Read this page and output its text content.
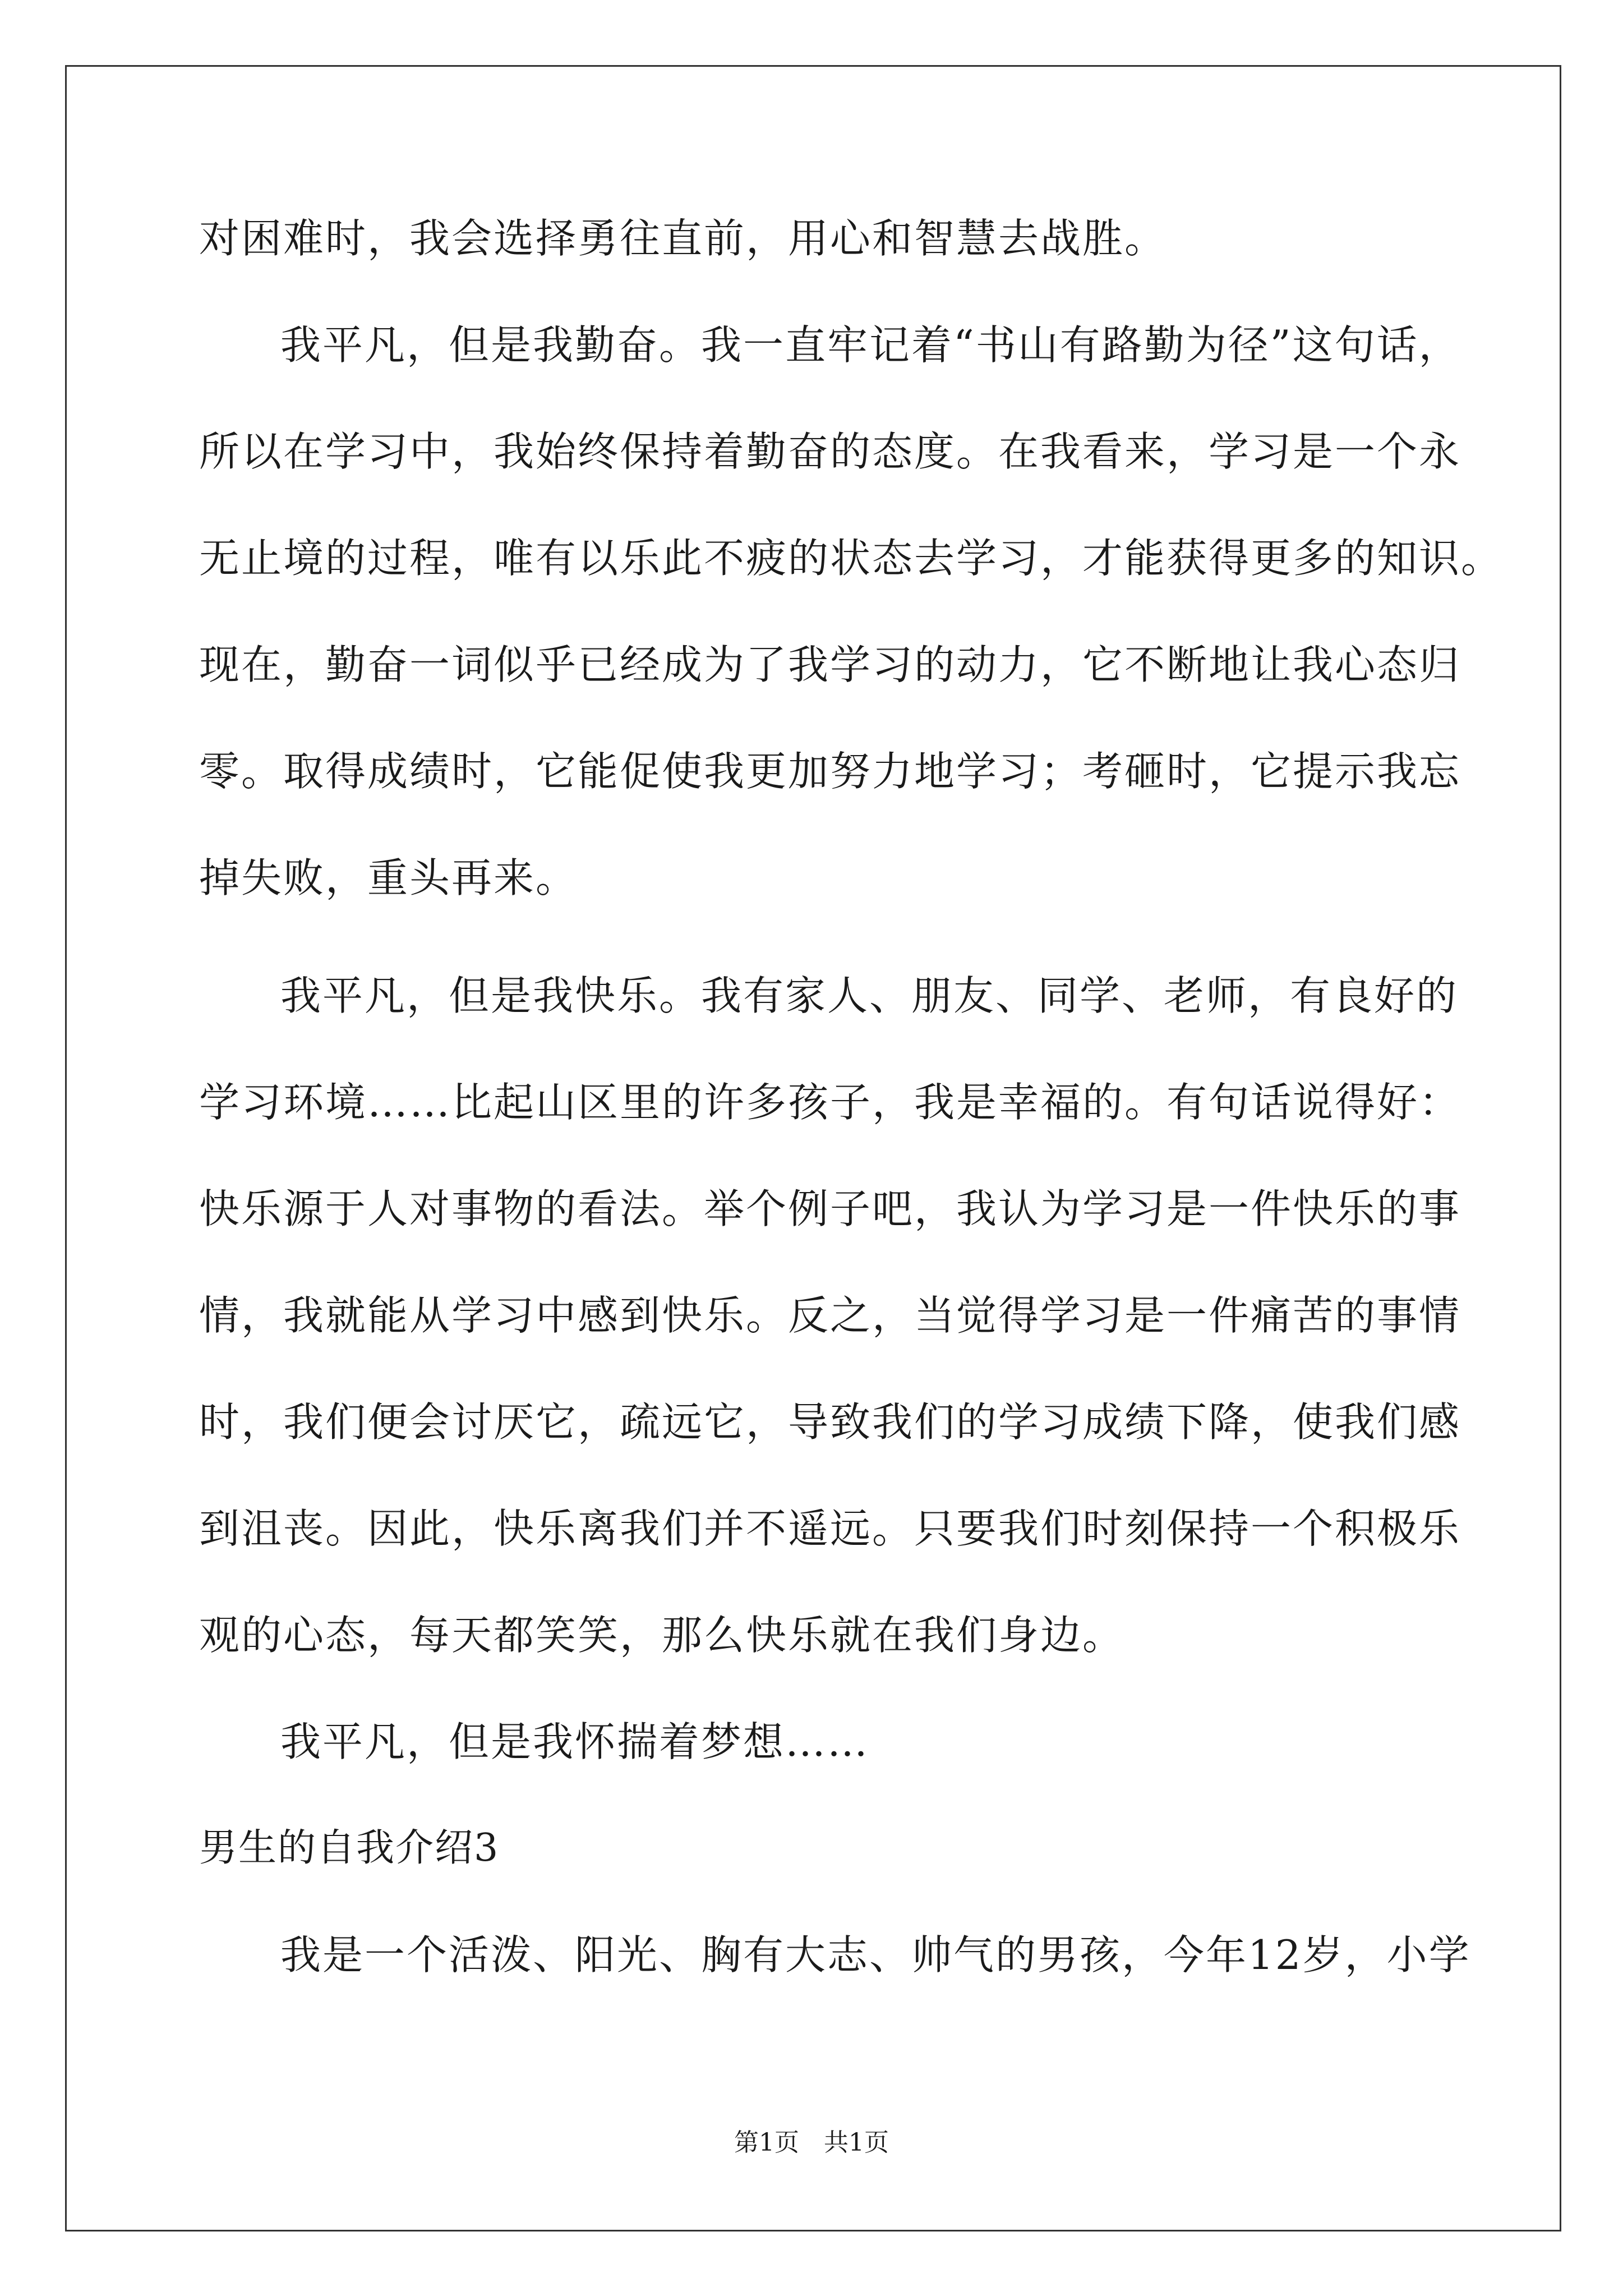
对困难时，我会选择勇往直前，用心和智慧去战胜。
我平凡，但是我勤奋。我一直牢记着“书山有路勤为径”这句话，
所以在学习中，我始终保持着勤奋的态度。在我看来，学习是一个永
无止境的过程，唯有以乐此不疲的状态去学习，才能获得更多的知识。
现在，勤奋一词似乎已经成为了我学习的动力，它不断地让我心态归
零。取得成绩时，它能促使我更加努力地学习；考砸时，它提示我忘
掉失败，重头再来。
我平凡，但是我快乐。我有家人、朋友、同学、老师，有良好的
学习环境……比起山区里的许多孩子，我是幸福的。有句话说得好：
快乐源于人对事物的看法。举个例子吧，我认为学习是一件快乐的事
情，我就能从学习中感到快乐。反之，当觉得学习是一件痛苦的事情
时，我们便会讨厌它，疏远它，导致我们的学习成绩下降，使我们感
到沮丧。因此，快乐离我们并不遥远。只要我们时刻保持一个积极乐
观的心态，每天都笑笑，那么快乐就在我们身边。
我平凡，但是我怀揣着梦想……
男生的自我介绍3
我是一个活泼、阳光、胸有大志、帅气的男孩，今年12岁，小学
第1页　共1页
